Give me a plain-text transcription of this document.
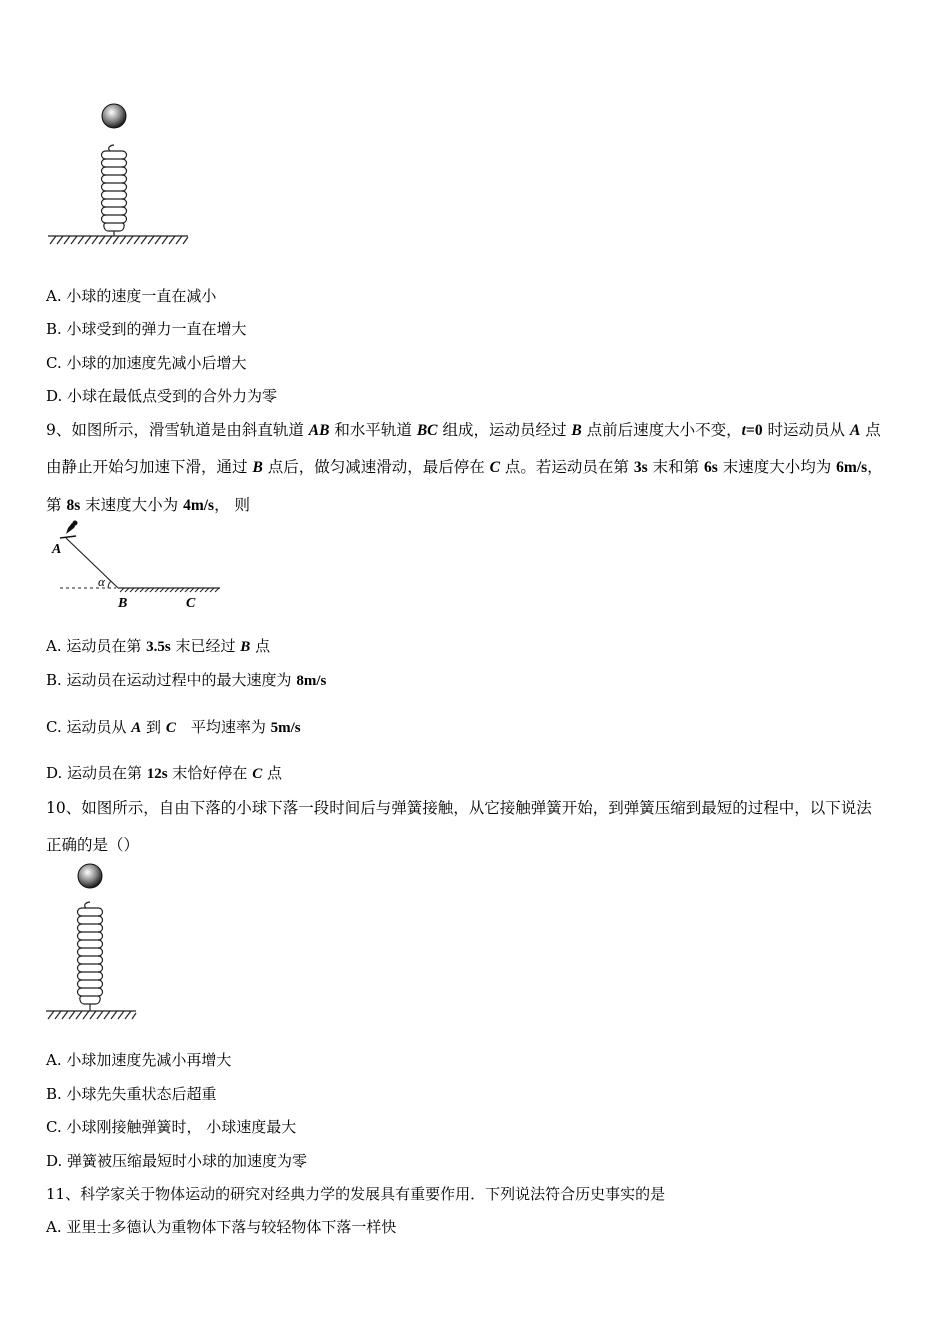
A. 小球的速度一直在减小
B. 小球受到的弹力一直在增大
C. 小球的加速度先减小后增大
D. 小球在最低点受到的合外力为零
9、如图所示，滑雪轨道是由斜直轨道 AB 和水平轨道 BC 组成，运动员经过 B 点前后速度大小不变，t=0 时运动员从 A 点
由静止开始匀加速下滑，通过 B 点后，做匀减速滑动，最后停在 C 点。若运动员在第 3s 末和第 6s 末速度大小均为 6m/s，
第 8s 末速度大小为 4m/s， 则
A
α
B	C
A. 运动员在第 3.5s 末已经过 B 点
B. 运动员在运动过程中的最大速度为 8m/s
C. 运动员从 A 到 C　平均速率为 5m/s
D. 运动员在第 12s 末恰好停在 C 点
10、如图所示，自由下落的小球下落一段时间后与弹簧接触，从它接触弹簧开始，到弹簧压缩到最短的过程中，以下说法
正确的是（）
A. 小球加速度先减小再增大
B. 小球先失重状态后超重
C. 小球刚接触弹簧时， 小球速度最大
D. 弹簧被压缩最短时小球的加速度为零
11、科学家关于物体运动的研究对经典力学的发展具有重要作用．下列说法符合历史事实的是
A. 亚里士多德认为重物体下落与较轻物体下落一样快
